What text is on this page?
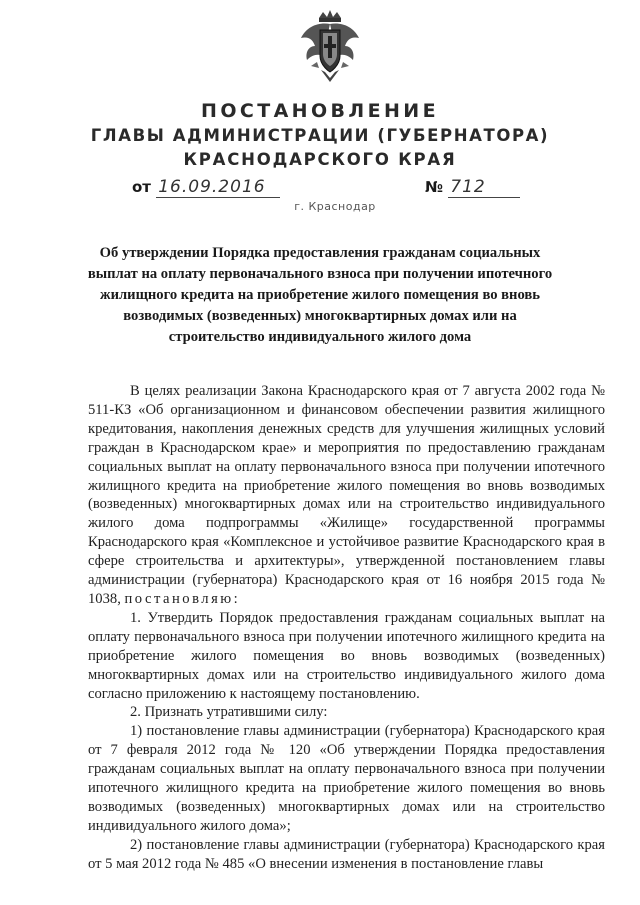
ПОСТАНОВЛЕНИЕ
ГЛАВЫ АДМИНИСТРАЦИИ (ГУБЕРНАТОРА)
КРАСНОДАРСКОГО КРАЯ
от 16.09.2016	№ 712
г. Краснодар
Об утверждении Порядка предоставления гражданам социальных выплат на оплату первоначального взноса при получении ипотечного жилищного кредита на приобретение жилого помещения во вновь возводимых (возведенных) многоквартирных домах или на строительство индивидуального жилого дома

В целях реализации Закона Краснодарского края от 7 августа 2002 года № 511-КЗ «Об организационном и финансовом обеспечении развития жилищного кредитования, накопления денежных средств для улучшения жилищных условий граждан в Краснодарском крае» и мероприятия по предоставлению гражданам социальных выплат на оплату первоначального взноса при получении ипотечного жилищного кредита на приобретение жилого помещения во вновь возводимых (возведенных) многоквартирных домах или на строительство индивидуального жилого дома подпрограммы «Жилище» государственной программы Краснодарского края «Комплексное и устойчивое развитие Краснодарского края в сфере строительства и архитектуры», утвержденной постановлением главы администрации (губернатора) Краснодарского края от 16 ноября 2015 года № 1038, постановляю:

1. Утвердить Порядок предоставления гражданам социальных выплат на оплату первоначального взноса при получении ипотечного жилищного кредита на приобретение жилого помещения во вновь возводимых (возведенных) многоквартирных домах или на строительство индивидуального жилого дома согласно приложению к настоящему постановлению.

2. Признать утратившими силу:

1) постановление главы администрации (губернатора) Краснодарского края от 7 февраля 2012 года № 120 «Об утверждении Порядка предоставления гражданам социальных выплат на оплату первоначального взноса при получении ипотечного жилищного кредита на приобретение жилого помещения во вновь возводимых (возведенных) многоквартирных домах или на строительство индивидуального жилого дома»;

2) постановление главы администрации (губернатора) Краснодарского края от 5 мая 2012 года № 485 «О внесении изменения в постановление главы
